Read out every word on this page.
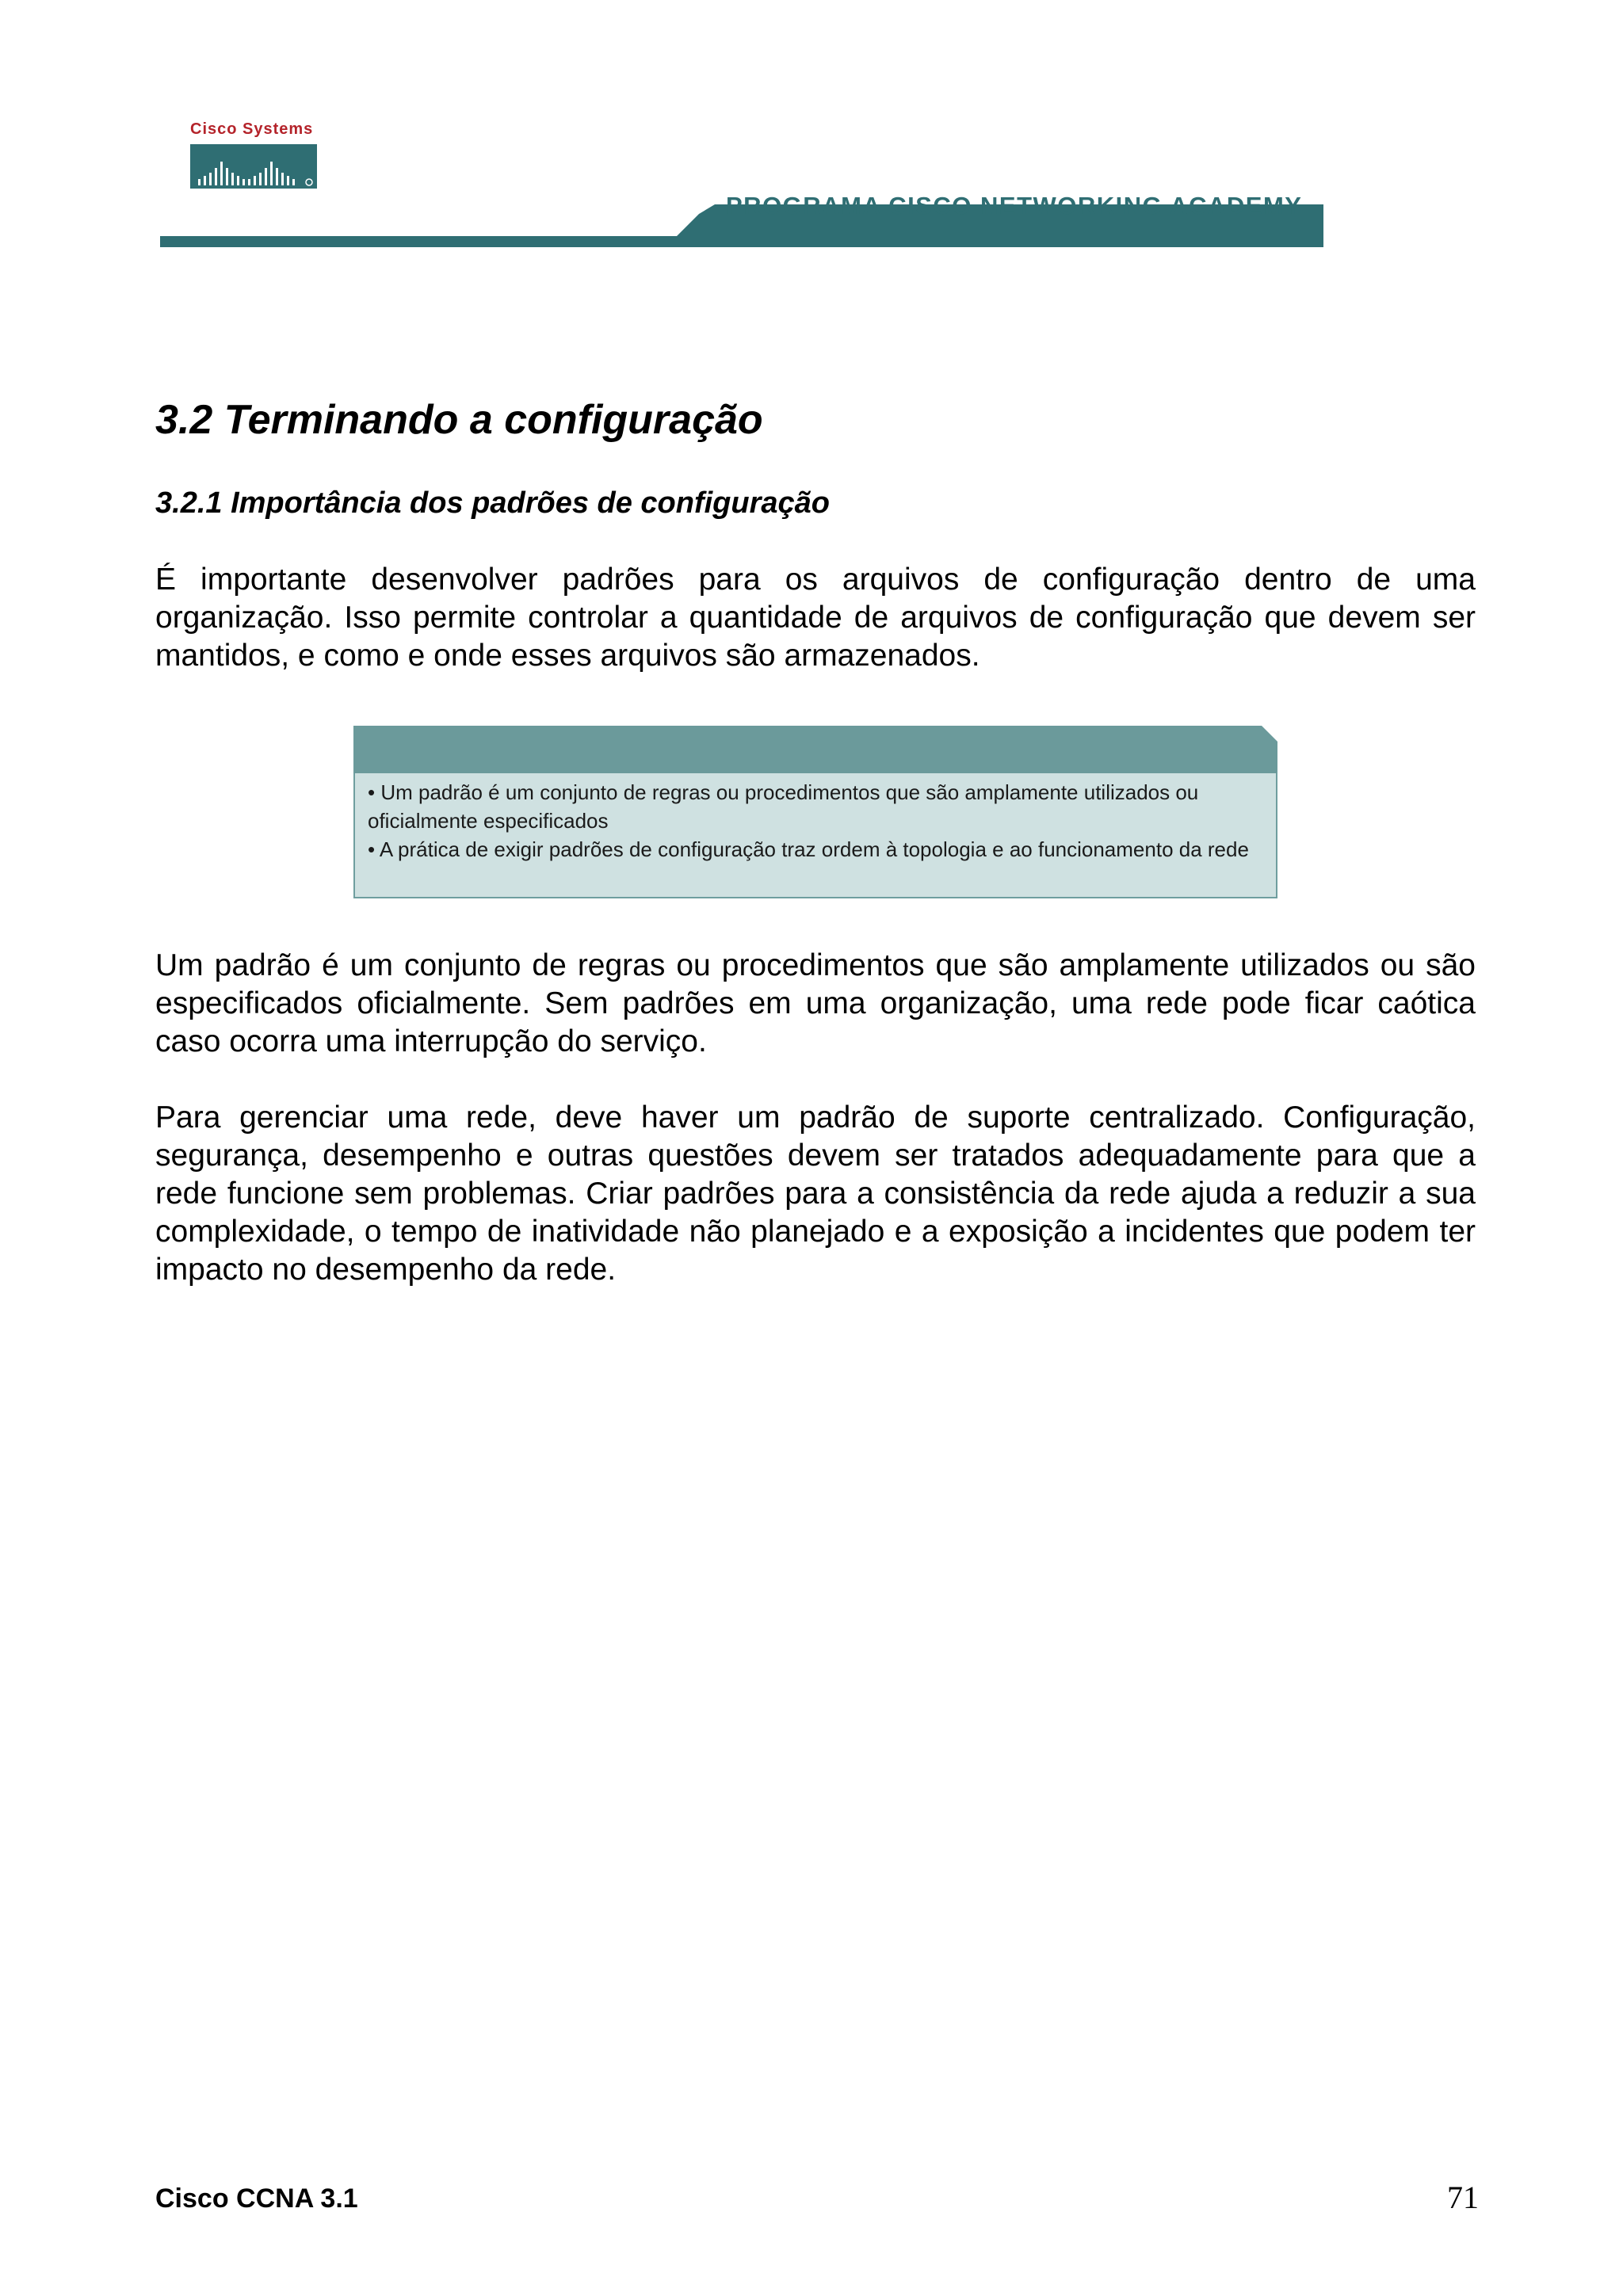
Cisco Systems
PROGRAMA CISCO NETWORKING ACADEMY
3.2 Terminando a configuração
3.2.1 Importância dos padrões de configuração

É importante desenvolver padrões para os arquivos de configuração dentro de uma organização. Isso permite controlar a quantidade de arquivos de configuração que devem ser mantidos, e como e onde esses arquivos são armazenados.

• Um padrão é um conjunto de regras ou procedimentos que são amplamente utilizados ou oficialmente especificados
• A prática de exigir padrões de configuração traz ordem à topologia e ao funcionamento da rede

Um padrão é um conjunto de regras ou procedimentos que são amplamente utilizados ou são especificados oficialmente. Sem padrões em uma organização, uma rede pode ficar caótica caso ocorra uma interrupção do serviço.

Para gerenciar uma rede, deve haver um padrão de suporte centralizado. Configuração, segurança, desempenho e outras questões devem ser tratados adequadamente para que a rede funcione sem problemas. Criar padrões para a consistência da rede ajuda a reduzir a sua complexidade, o tempo de inatividade não planejado e a exposição a incidentes que podem ter impacto no desempenho da rede.

Cisco CCNA 3.1	71
